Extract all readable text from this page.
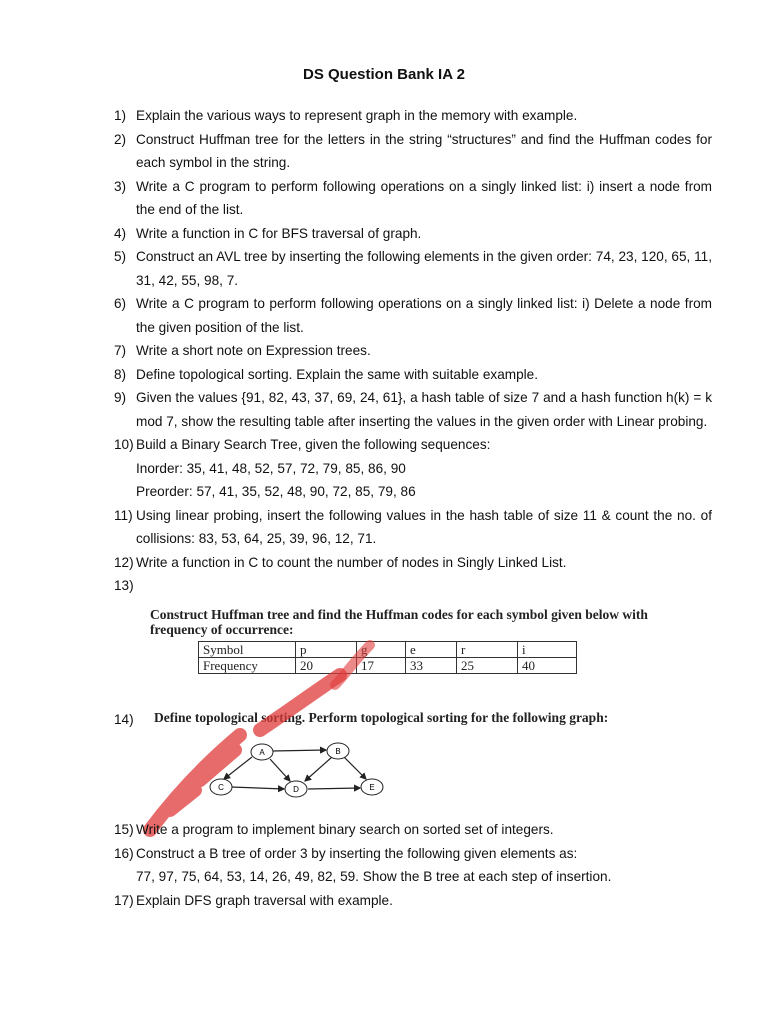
DS Question Bank IA 2
1) Explain the various ways to represent graph in the memory with example.
2) Construct Huffman tree for the letters in the string “structures” and find the Huffman codes for each symbol in the string.
3) Write a C program to perform following operations on a singly linked list: i) insert a node from the end of the list.
4) Write a function in C for BFS traversal of graph.
5) Construct an AVL tree by inserting the following elements in the given order: 74, 23, 120, 65, 11, 31, 42, 55, 98, 7.
6) Write a C program to perform following operations on a singly linked list: i) Delete a node from the given position of the list.
7) Write a short note on Expression trees.
8) Define topological sorting. Explain the same with suitable example.
9) Given the values {91, 82, 43, 37, 69, 24, 61}, a hash table of size 7 and a hash function h(k) = k mod 7, show the resulting table after inserting the values in the given order with Linear probing.
10) Build a Binary Search Tree, given the following sequences:
Inorder: 35, 41, 48, 52, 57, 72, 79, 85, 86, 90
Preorder: 57, 41, 35, 52, 48, 90, 72, 85, 79, 86
11) Using linear probing, insert the following values in the hash table of size 11 & count the no. of collisions: 83, 53, 64, 25, 39, 96, 12, 71.
12) Write a function in C to count the number of nodes in Singly Linked List.
13)
Construct Huffman tree and find the Huffman codes for each symbol given below with frequency of occurrence:
Symbol	p	g	e	r	i
Frequency	20	17	33	25	40
14) Define topological sorting. Perform topological sorting for the following graph:
A	B
C	D	E
15) Write a program to implement binary search on sorted set of integers.
16) Construct a B tree of order 3 by inserting the following given elements as:
77, 97, 75, 64, 53, 14, 26, 49, 82, 59. Show the B tree at each step of insertion.
17) Explain DFS graph traversal with example.
